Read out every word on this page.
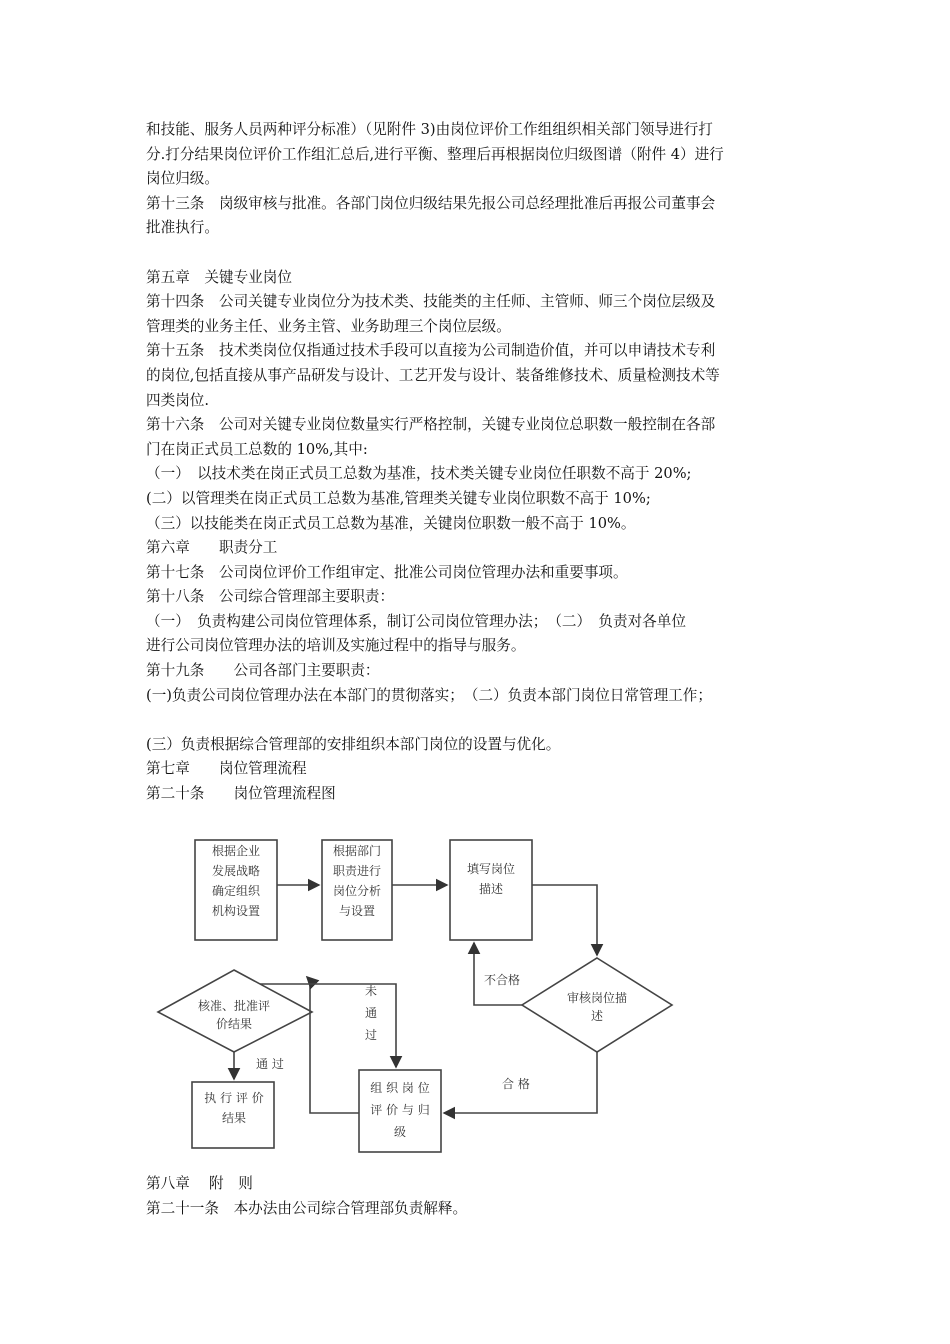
和技能、服务人员两种评分标准）（见附件 3)由岗位评价工作组组织相关部门领导进行打
分.打分结果岗位评价工作组汇总后,进行平衡、整理后再根据岗位归级图谱（附件 4）进行
岗位归级。
第十三条　岗级审核与批准。各部门岗位归级结果先报公司总经理批准后再报公司董事会
批准执行。
第五章　关键专业岗位
第十四条　公司关键专业岗位分为技术类、技能类的主任师、主管师、师三个岗位层级及
管理类的业务主任、业务主管、业务助理三个岗位层级。
第十五条　技术类岗位仅指通过技术手段可以直接为公司制造价值，并可以申请技术专利
的岗位,包括直接从事产品研发与设计、工艺开发与设计、装备维修技术、质量检测技术等
四类岗位.
第十六条　公司对关键专业岗位数量实行严格控制，关键专业岗位总职数一般控制在各部
门在岗正式员工总数的 10%,其中:
（一）　以技术类在岗正式员工总数为基准，技术类关键专业岗位任职数不高于 20%;
(二）以管理类在岗正式员工总数为基准,管理类关键专业岗位职数不高于 10%;
（三）以技能类在岗正式员工总数为基准，关键岗位职数一般不高于 10%。
第六章　　职责分工
第十七条　公司岗位评价工作组审定、批准公司岗位管理办法和重要事项。
第十八条　公司综合管理部主要职责：
（一）　负责构建公司岗位管理体系，制订公司岗位管理办法；　（二）　负责对各单位
进行公司岗位管理办法的培训及实施过程中的指导与服务。
第十九条　　公司各部门主要职责：
(一)负责公司岗位管理办法在本部门的贯彻落实；　（二）负责本部门岗位日常管理工作；
(三）负责根据综合管理部的安排组织本部门岗位的设置与优化。
第七章　　岗位管理流程
第二十条　　岗位管理流程图
根据企业发展战略确定组织机构设置
根据部门职责进行岗位分析与设置
填写岗位描述
审核岗位描述
核准、批准评价结果
组 织 岗 位评 价 与 归级
执 行 评 价结果
不合格
合 格
通 过
未通过
第八章　 附　则
第二十一条　本办法由公司综合管理部负责解释。
